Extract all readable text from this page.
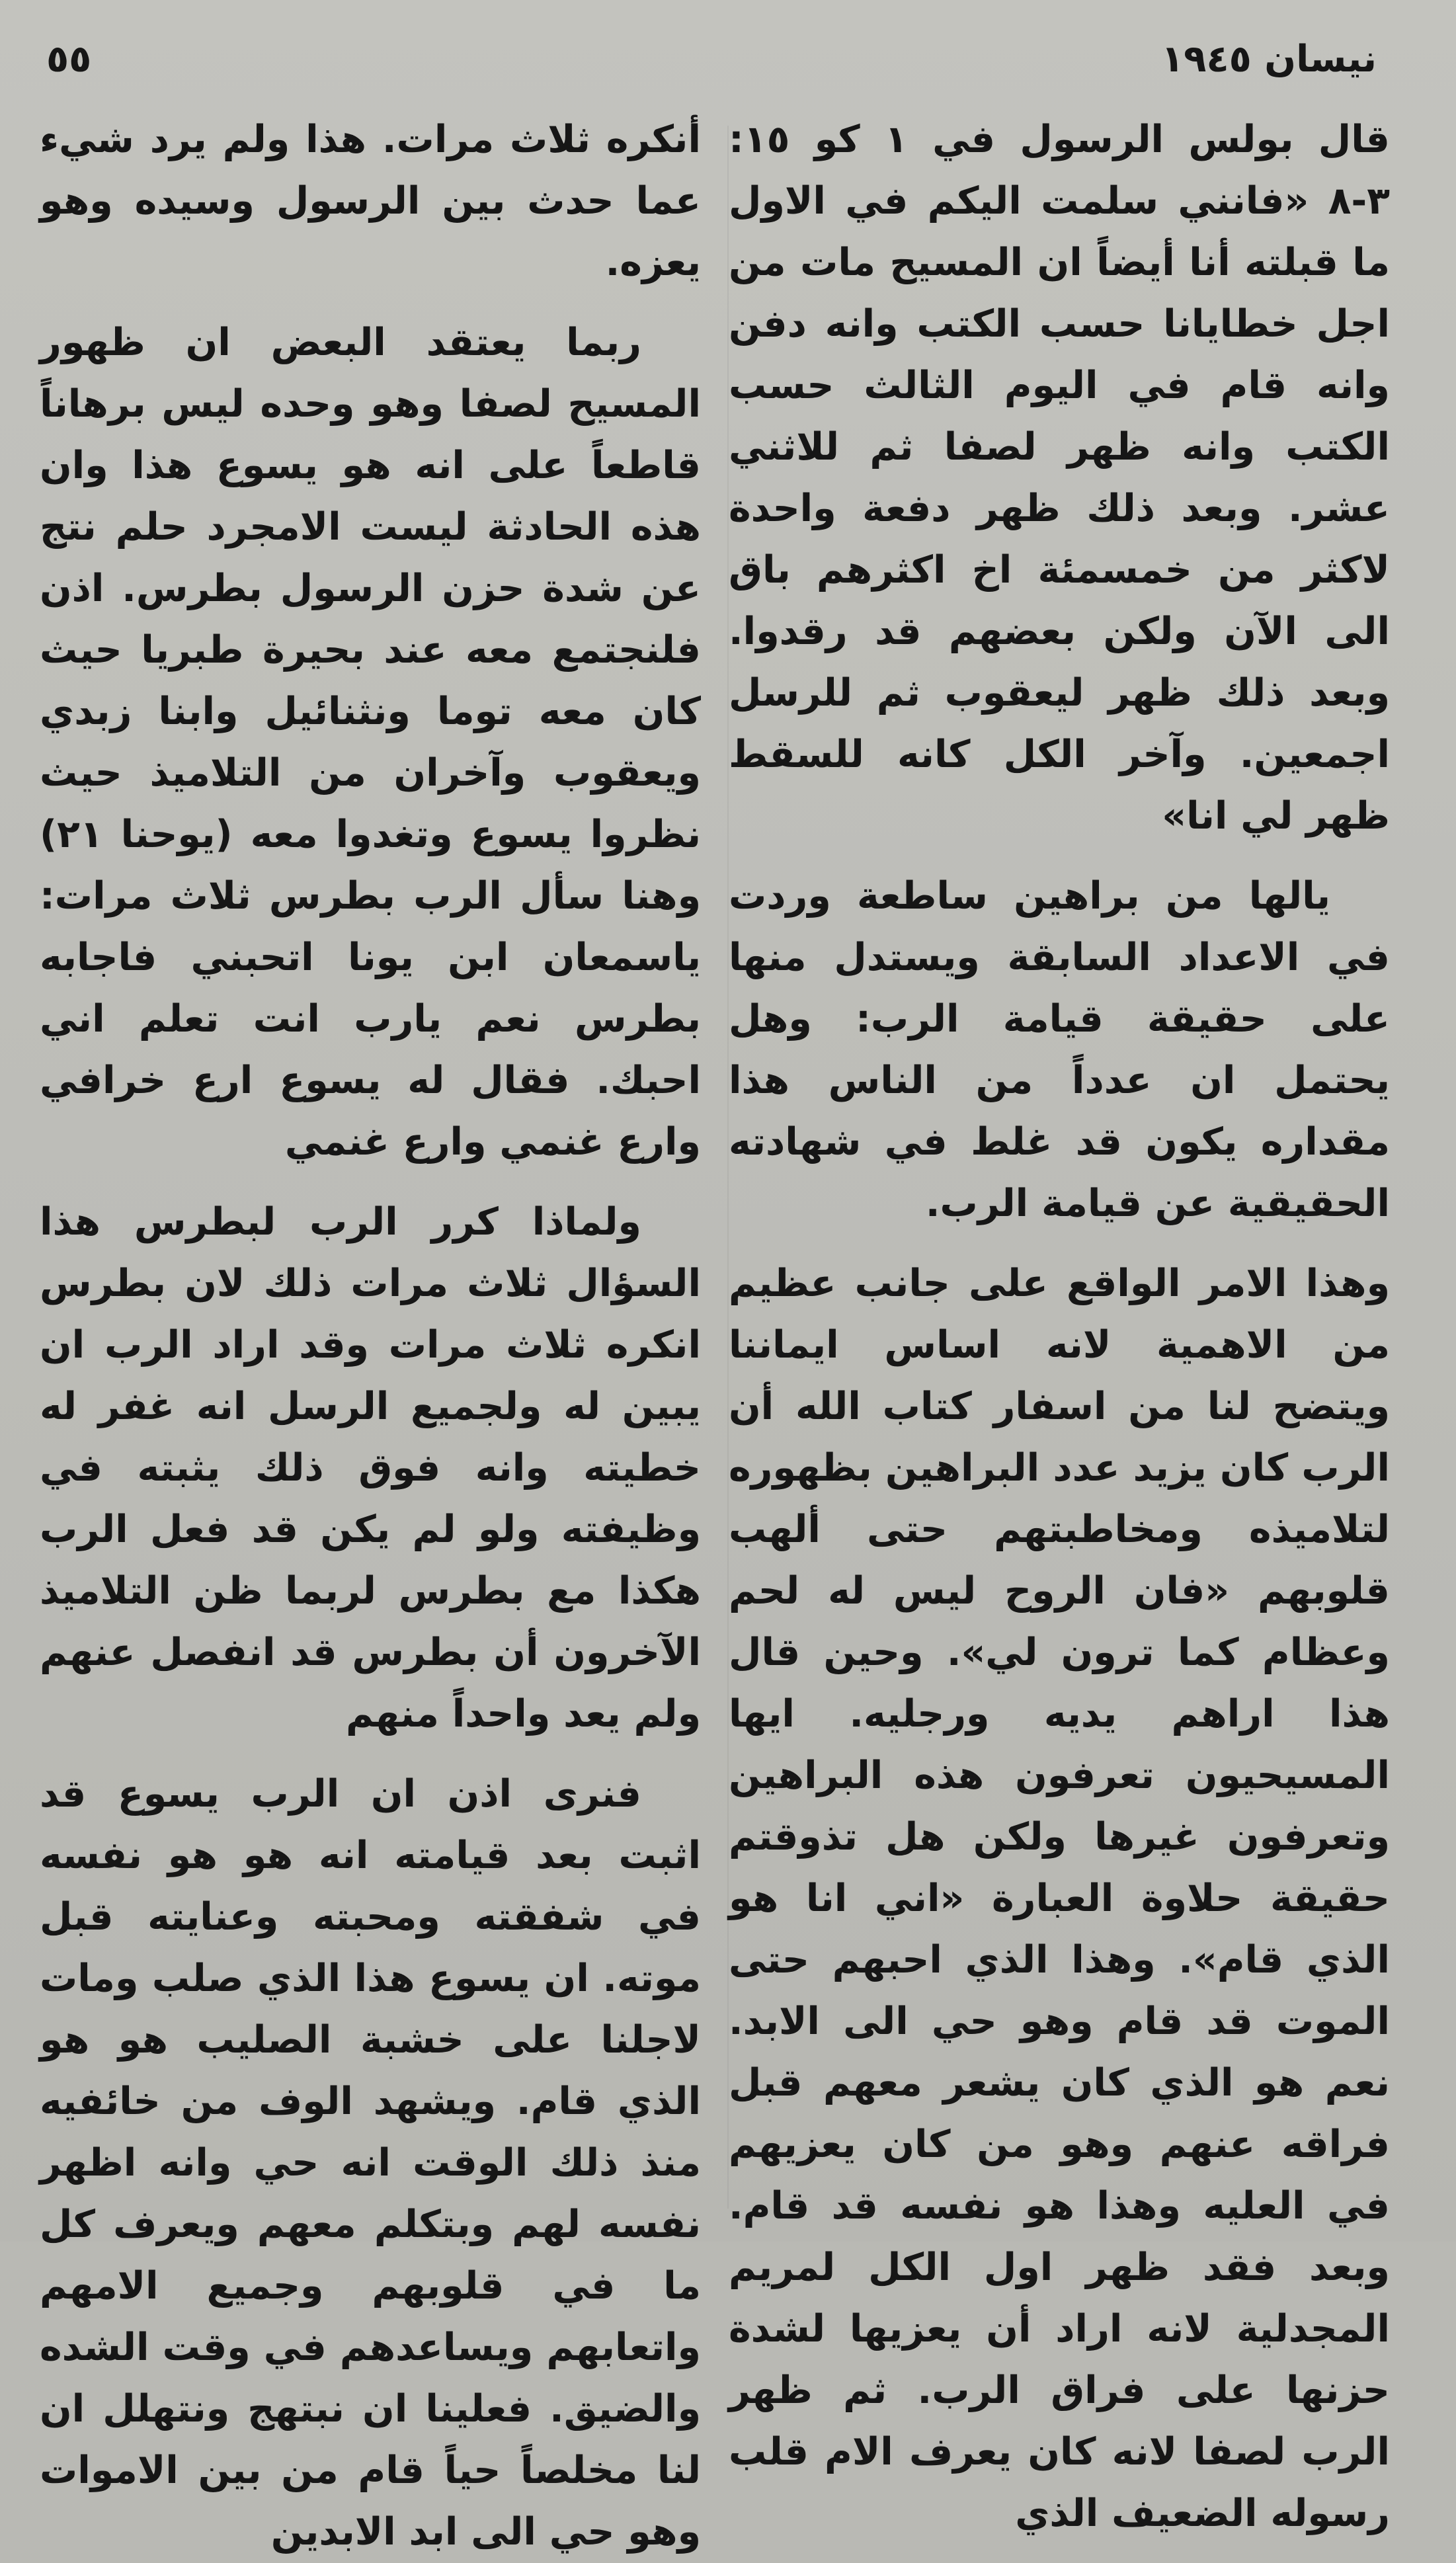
نيسان ١٩٤٥
٥٥

قال بولس الرسول في ١ كو ١٥: ٣-٨ «فانني سلمت اليكم في الاول ما قبلته أنا أيضاً ان المسيح مات من اجل خطايانا حسب الكتب وانه دفن وانه قام في اليوم الثالث حسب الكتب وانه ظهر لصفا ثم للاثني عشر. وبعد ذلك ظهر دفعة واحدة لاكثر من خمسمئة اخ اكثرهم باق الى الآن ولكن بعضهم قد رقدوا. وبعد ذلك ظهر ليعقوب ثم للرسل اجمعين. وآخر الكل كانه للسقط ظهر لي انا»

يالها من براهين ساطعة وردت في الاعداد السابقة ويستدل منها على حقيقة قيامة الرب: وهل يحتمل ان عدداً من الناس هذا مقداره يكون قد غلط في شهادته الحقيقية عن قيامة الرب.

وهذا الامر الواقع على جانب عظيم من الاهمية لانه اساس ايماننا ويتضح لنا من اسفار كتاب الله أن الرب كان يزيد عدد البراهين بظهوره لتلاميذه ومخاطبتهم حتى ألهب قلوبهم «فان الروح ليس له لحم وعظام كما ترون لي». وحين قال هذا اراهم يديه ورجليه. ايها المسيحيون تعرفون هذه البراهين وتعرفون غيرها ولكن هل تذوقتم حقيقة حلاوة العبارة «اني انا هو الذي قام». وهذا الذي احبهم حتى الموت قد قام وهو حي الى الابد. نعم هو الذي كان يشعر معهم قبل فراقه عنهم وهو من كان يعزيهم في العليه وهذا هو نفسه قد قام. وبعد فقد ظهر اول الكل لمريم المجدلية لانه اراد أن يعزيها لشدة حزنها على فراق الرب. ثم ظهر الرب لصفا لانه كان يعرف الام قلب رسوله الضعيف الذي

أنكره ثلاث مرات. هذا ولم يرد شيء عما حدث بين الرسول وسيده وهو يعزه.

ربما يعتقد البعض ان ظهور المسيح لصفا وهو وحده ليس برهاناً قاطعاً على انه هو يسوع هذا وان هذه الحادثة ليست الامجرد حلم نتج عن شدة حزن الرسول بطرس. اذن فلنجتمع معه عند بحيرة طبريا حيث كان معه توما ونثنائيل وابنا زبدي ويعقوب وآخران من التلاميذ حيث نظروا يسوع وتغدوا معه (يوحنا ٢١) وهنا سأل الرب بطرس ثلاث مرات: ياسمعان ابن يونا اتحبني فاجابه بطرس نعم يارب انت تعلم اني احبك. فقال له يسوع ارع خرافي وارع غنمي وارع غنمي

ولماذا كرر الرب لبطرس هذا السؤال ثلاث مرات ذلك لان بطرس انكره ثلاث مرات وقد اراد الرب ان يبين له ولجميع الرسل انه غفر له خطيته وانه فوق ذلك يثبته في وظيفته ولو لم يكن قد فعل الرب هكذا مع بطرس لربما ظن التلاميذ الآخرون أن بطرس قد انفصل عنهم ولم يعد واحداً منهم

فنرى اذن ان الرب يسوع قد اثبت بعد قيامته انه هو هو نفسه في شفقته ومحبته وعنايته قبل موته. ان يسوع هذا الذي صلب ومات لاجلنا على خشبة الصليب هو هو الذي قام. ويشهد الوف من خائفيه منذ ذلك الوقت انه حي وانه اظهر نفسه لهم وبتكلم معهم ويعرف كل ما في قلوبهم وجميع الامهم واتعابهم ويساعدهم في وقت الشده والضيق. فعلينا ان نبتهج ونتهلل ان لنا مخلصاً حياً قام من بين الاموات وهو حي الى ابد الابدين
